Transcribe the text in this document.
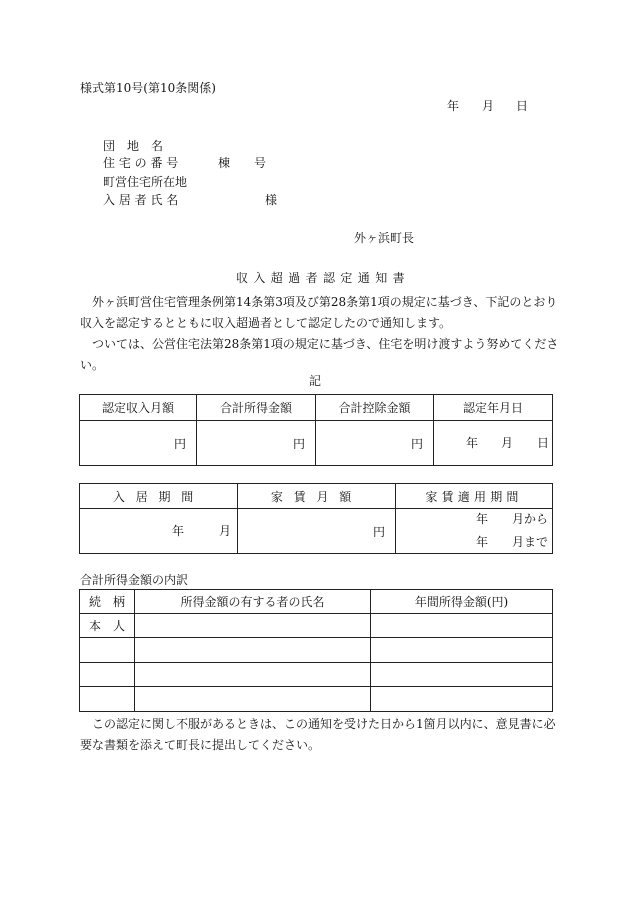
様式第10号(第10条関係)
年 月 日
団　地　名
住 宅 の 番 号	棟　　号
町営住宅所在地
入 居 者 氏 名	様
外ヶ浜町長
収入超過者認定通知書
　外ヶ浜町営住宅管理条例第14条第3項及び第28条第1項の規定に基づき、下記のとおり
収入を認定するとともに収入超過者として認定したので通知します。
　ついては、公営住宅法第28条第1項の規定に基づき、住宅を明け渡すよう努めてくださ
い。
記
認定収入月額	合計所得金額	合計控除金額	認定年月日
円	円	円	年 月 日
入居期間	家賃月額	家賃適用期間

年 月	円	年　　月から
年　　月まで
合計所得金額の内訳
続　柄	所得金額の有する者の氏名	年間所得金額(円)
本　人		

　この認定に関し不服があるときは、この通知を受けた日から1箇月以内に、意見書に必
要な書類を添えて町長に提出してください。
